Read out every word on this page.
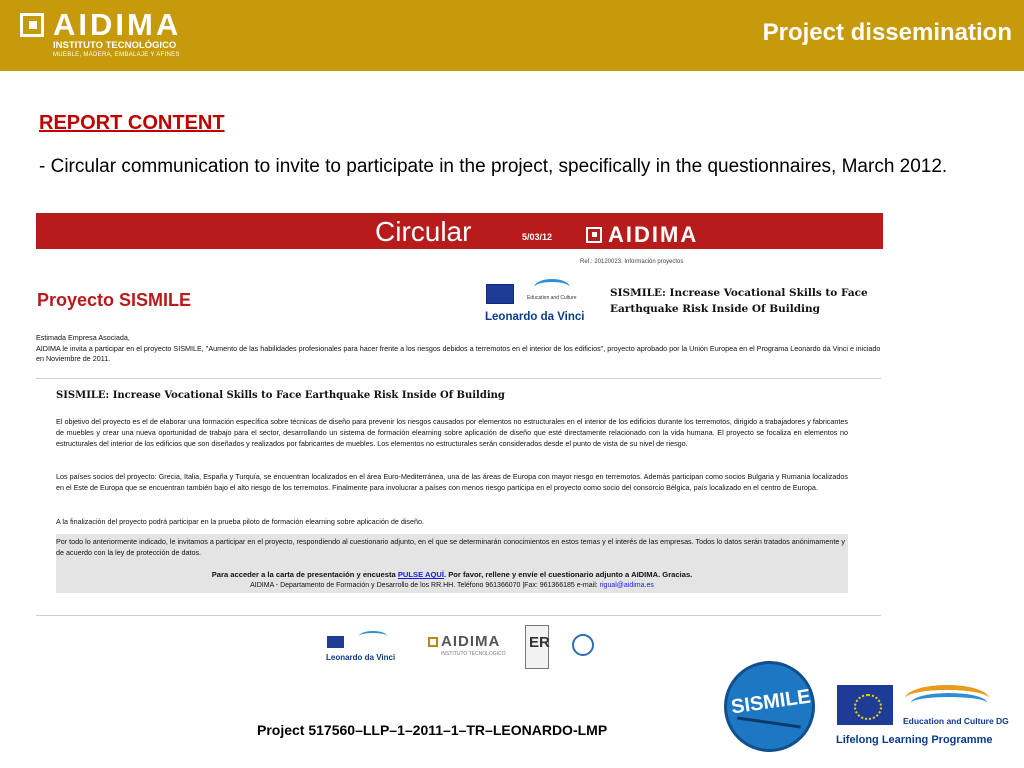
AIDIMA
INSTITUTO TECNOLÓGICO
MUEBLE, MADERA, EMBALAJE Y AFINES
Project dissemination
REPORT CONTENT
- Circular communication to invite to participate in the project, specifically in the questionnaires, March 2012.
Circular	5/03/12	AIDIMA
Ref.: 20120023. Información proyectos
Proyecto SISMILE	Education and Culture
Leonardo da Vinci
SISMILE: Increase Vocational Skills to Face Earthquake Risk Inside Of Building
Estimada Empresa Asociada,
AIDIMA le invita a participar en el proyecto SISMILE, "Aumento de las habilidades profesionales para hacer frente a los riesgos debidos a terremotos en el interior de los edificios", proyecto aprobado por la Unión Europea en el Programa Leonardo da Vinci e iniciado en Noviembre de 2011.
SISMILE: Increase Vocational Skills to Face Earthquake Risk Inside Of Building
El objetivo del proyecto es el de elaborar una formación específica sobre técnicas de diseño para prevenir los riesgos causados por elementos no estructurales en el interior de los edificios durante los terremotos, dirigido a trabajadores y fabricantes de muebles y crear una nueva oportunidad de trabajo para el sector, desarrollando un sistema de formación elearning sobre aplicación de diseño que esté directamente relacionado con la vida humana. El proyecto se focaliza en elementos no estructurales del interior de los edificios que son diseñados y realizados por fabricantes de muebles. Los elementos no estructurales serán considerados desde el punto de vista de su nivel de riesgo.
Los países socios del proyecto: Grecia, Italia, España y Turquía, se encuentran localizados en el área Euro-Mediterránea, una de las áreas de Europa con mayor riesgo en terremotos. Además participan como socios Bulgaria y Rumania localizados en el Este de Europa que se encuentran también bajo el alto riesgo de los terremotos. Finalmente para involucrar a países con menos riesgo participa en el proyecto como socio del consorcio Bélgica, país localizado en el centro de Europa.
A la finalización del proyecto podrá participar en la prueba piloto de formación elearning sobre aplicación de diseño.
Por todo lo anteriormente indicado, le invitamos a participar en el proyecto, respondiendo al cuestionario adjunto, en el que se determinarán conocimientos en estos temas y el interés de las empresas. Todos lo datos serán tratados anónimamente y de acuerdo con la ley de protección de datos.
Para acceder a la carta de presentación y encuesta PULSE AQUÍ. Por favor, rellene y envíe el cuestionario adjunto a AIDIMA. Gracias.
AIDIMA - Departamento de Formación y Desarrollo de los RR.HH. Teléfono 961366070 |Fax: 961366185 e-mail: rigual@aidima.es
Leonardo da Vinci
AIDIMA
INSTITUTO TECNOLOGICO
ER
Project 517560–LLP–1–2011–1–TR–LEONARDO-LMP
SISMILE
Education and Culture DG
Lifelong Learning Programme
